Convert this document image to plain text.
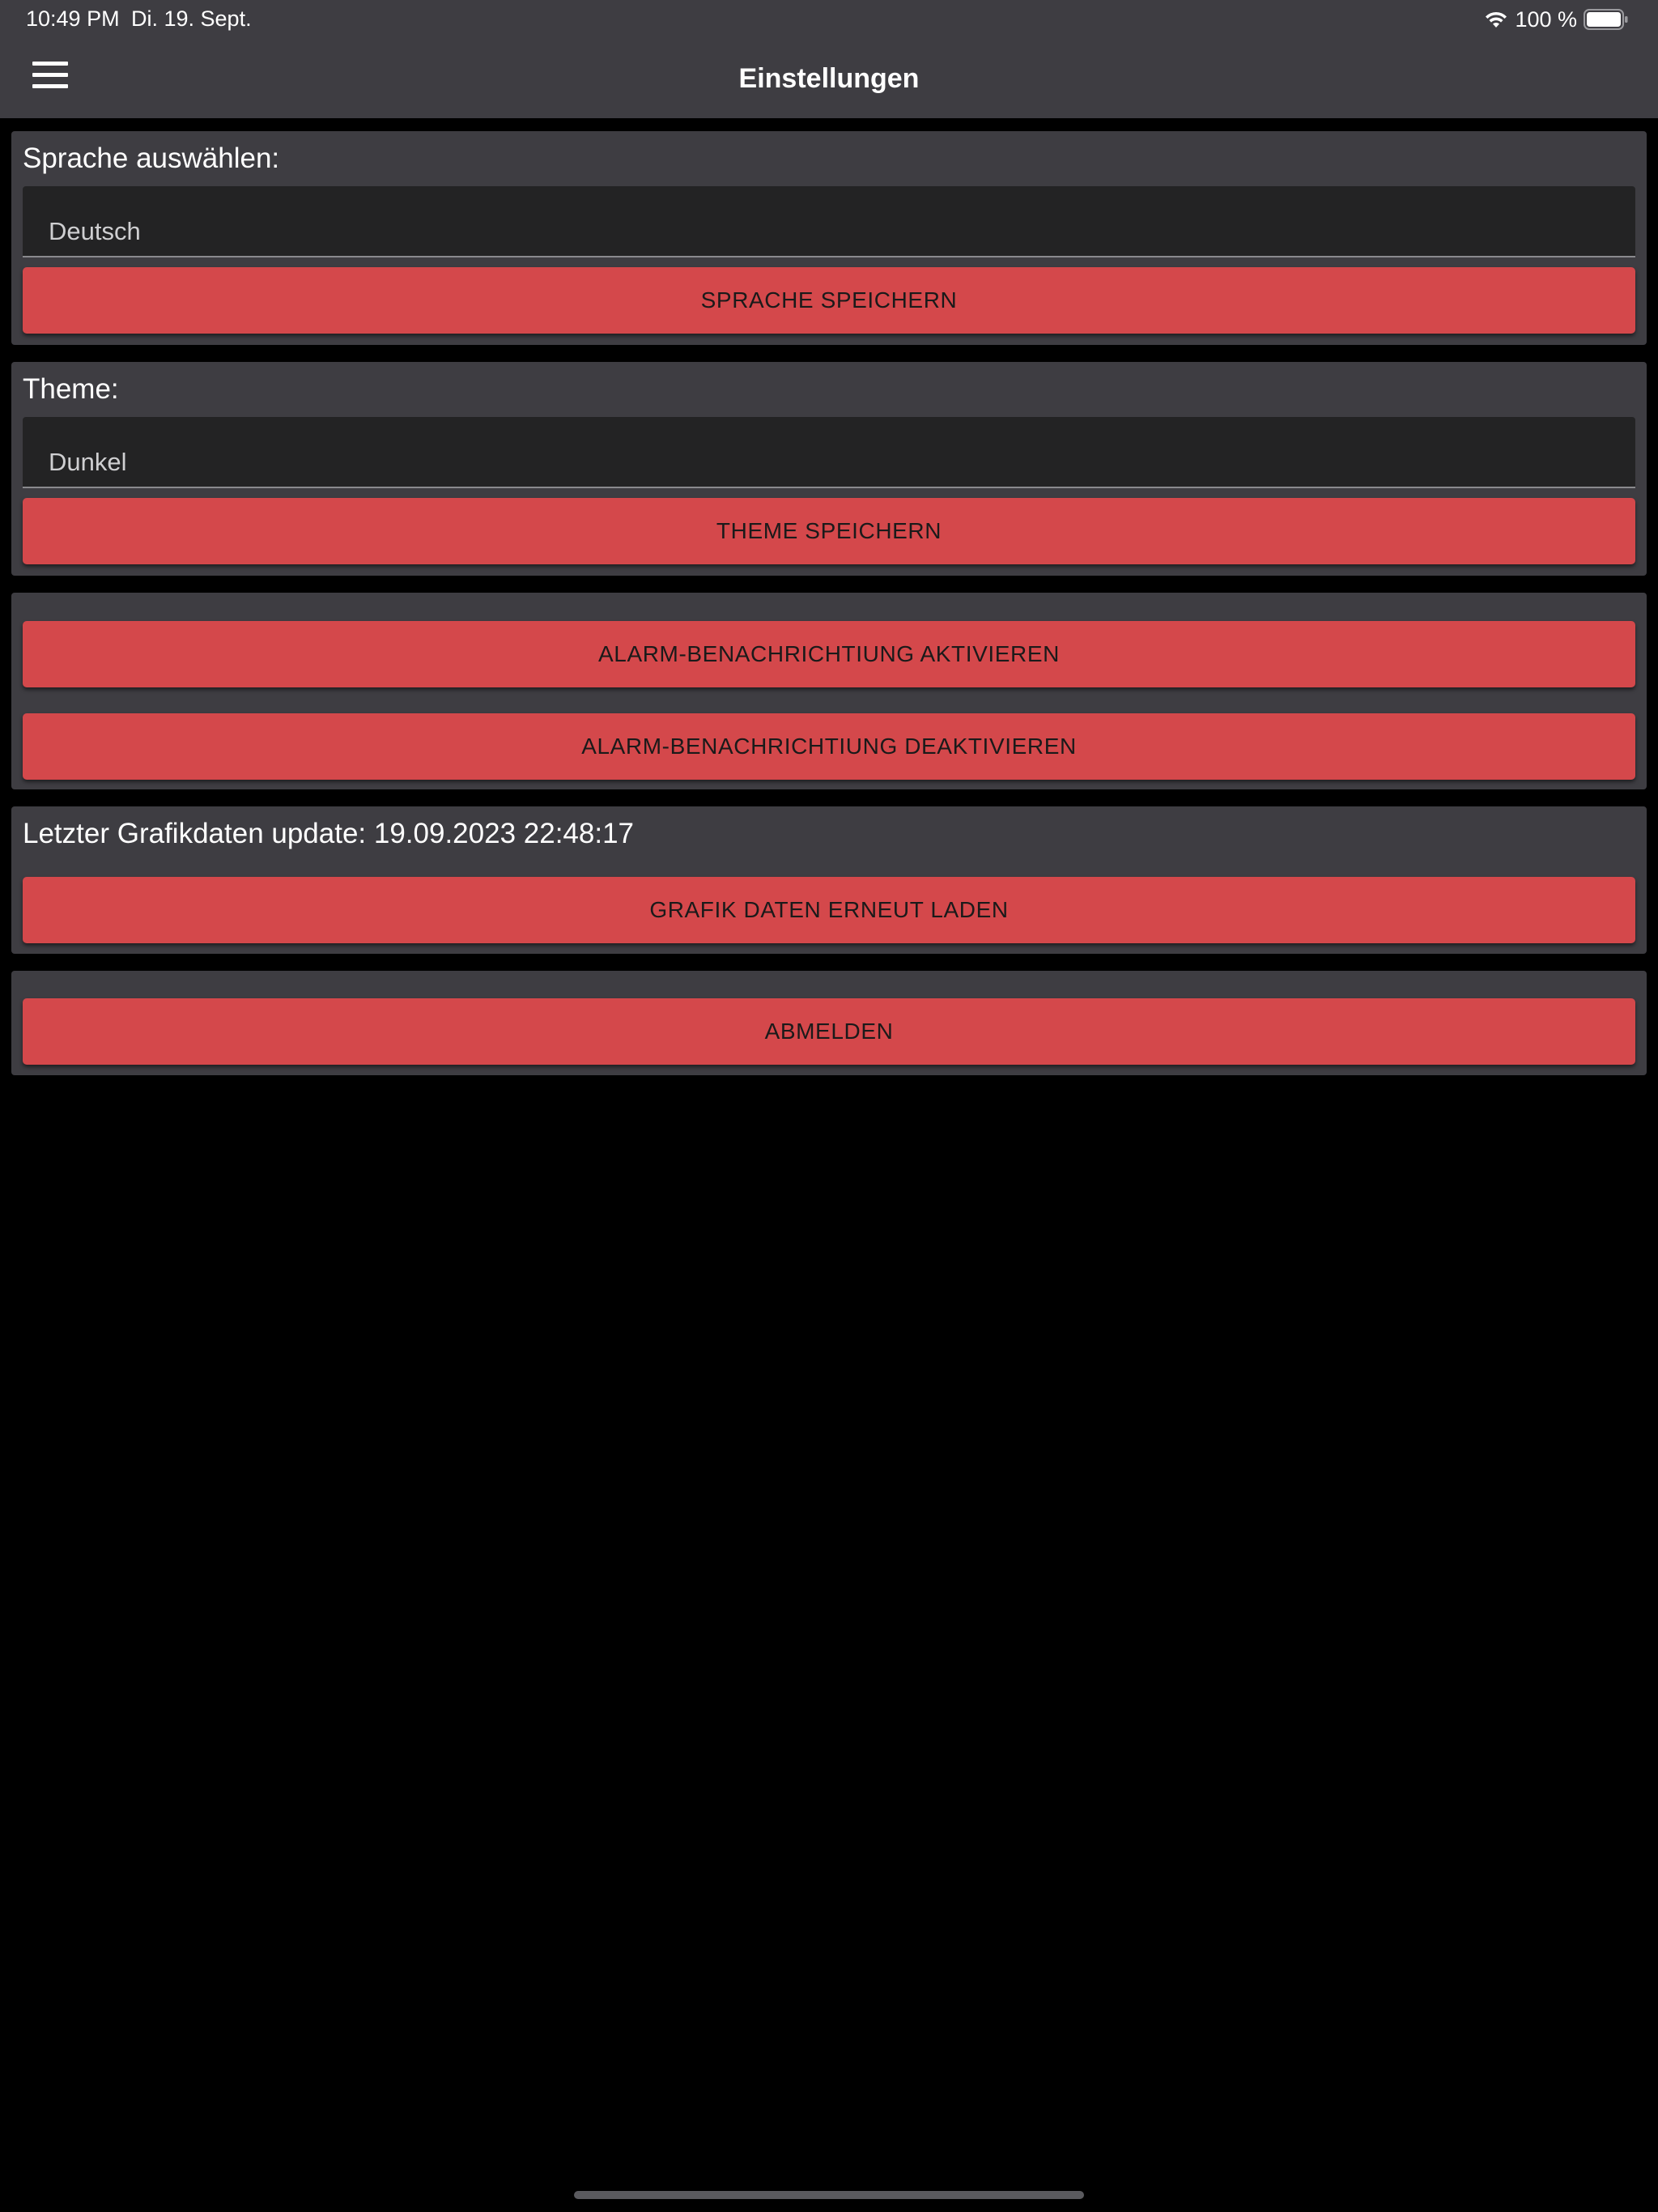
10:49 PM Di. 19. Sept.	100 %
Einstellungen
Sprache auswählen:
Deutsch
SPRACHE SPEICHERN
Theme:
Dunkel
THEME SPEICHERN
ALARM-BENACHRICHTIUNG AKTIVIEREN
ALARM-BENACHRICHTIUNG DEAKTIVIEREN
Letzter Grafikdaten update: 19.09.2023 22:48:17
GRAFIK DATEN ERNEUT LADEN
ABMELDEN
